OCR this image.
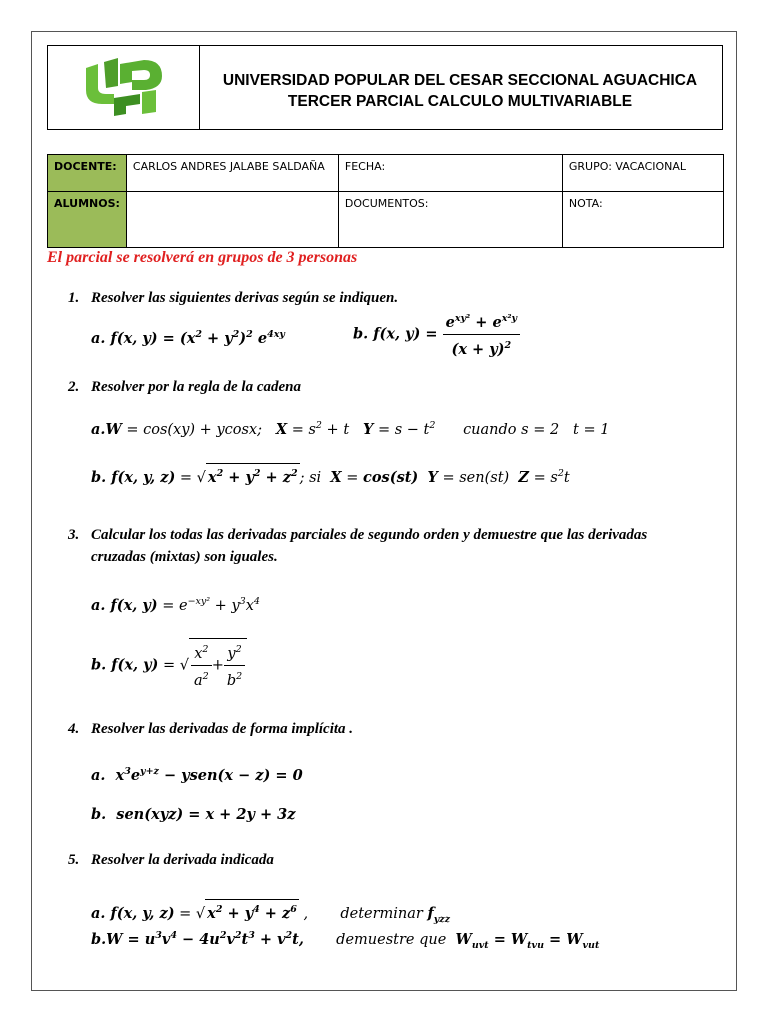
UNIVERSIDAD POPULAR DEL CESAR SECCIONAL AGUACHICA
TERCER PARCIAL CALCULO MULTIVARIABLE
DOCENTE:	CARLOS ANDRES JALABE SALDAÑA	FECHA:	GRUPO: VACACIONAL
ALUMNOS:		DOCUMENTOS:	NOTA:
El parcial se resolverá en grupos de 3 personas
1. Resolver las siguientes derivas según se indiquen.
a. f(x, $y) = (x^2 + y^2)^2$ $e^{4xy}$	b. f(x, $y) = \frac{e^{xy^2} + e^{x^2y}}{(x + y)^2}$
2. Resolver por la regla de la cadena
a.W = cos(xy) + ycosx;   $X = s^2 + t$   $Y = s - t^2$ cuando s = 2   t = 1
b. f(x, y, z) = √ $x^2 + y^2 + z^2$ ; si  X = cos(st) Y = sen(st)  $Z = s^2t$
3. Calcular los todas las derivadas parciales de segundo orden y demuestre que las derivadas
cruzadas (mixtas) son iguales.
a. f(x, $y) = e^{-xy^2} + y^3x^4$
b. f(x, y) = √ $\frac{x^2}{a^2} + \frac{y^2}{b^2}$
4. Resolver las derivadas de forma implícita .
a.  $x^3e^{y+z}$ − ysen(x − z) = 0
b.  sen(xyz) = x + 2y + 3z
5. Resolver la derivada indicada
a. f(x, y, z) = √ $x^2 + y^4 + z^6$ ,       determinar $f_{yzz}$
$b.W = u^3v^4 - 4u^2v^2t^3 + v^2t$, demuestre que $W_{uvt} = W_{tvu} = W_{vut}$
